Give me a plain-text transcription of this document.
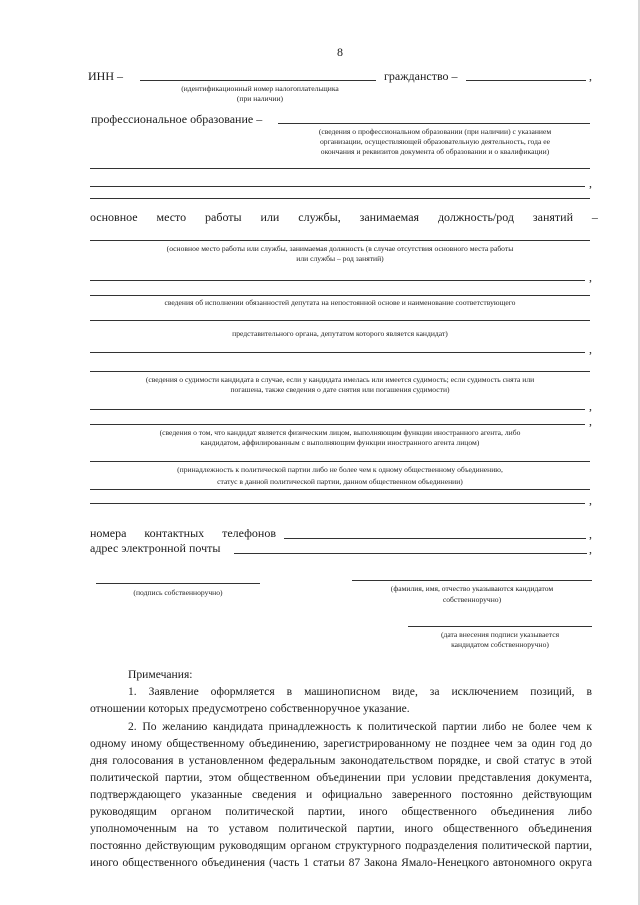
8
ИНН –	гражданство –	,
(идентификационный номер налогоплательщика
(при наличии)
профессиональное образование –
(сведения о профессиональном образовании (при наличии) с указанием
организации, осуществляющей образовательную деятельность, года ее
окончания и реквизитов документа об образовании и о квалификации)
,
основное место работы или службы, занимаемая должность/род занятий –
(основное место работы или службы, занимаемая должность (в случае отсутствия основного места работы
или службы – род занятий)
,
сведения об исполнении обязанностей депутата на непостоянной основе и наименование соответствующего
представительного органа, депутатом которого является кандидат)
,
(сведения о судимости кандидата в случае, если у кандидата имелась или имеется судимость; если судимость снята или
погашена, также сведения о дате снятия или погашения судимости)
,
,
(сведения о том, что кандидат является физическим лицом, выполняющим функции иностранного агента, либо
кандидатом, аффилированным с выполняющим функции иностранного агента лицом)
(принадлежность к политической партии либо не более чем к одному общественному объединению,
статус в данной политической партии, данном общественном объединении)
,
номера контактных телефонов	,
адрес электронной почты	,
(подпись собственноручно)	(фамилия, имя, отчество указываются кандидатом
собственноручно)
(дата внесения подписи указывается
кандидатом собственноручно)
Примечания:
1. Заявление оформляется в машинописном виде, за исключением позиций, в
отношении которых предусмотрено собственноручное указание.
2. По желанию кандидата принадлежность к политической партии либо не более чем к
одному иному общественному объединению, зарегистрированному не позднее чем за один год до
дня голосования в установленном федеральным законодательством порядке, и свой статус в этой
политической партии, этом общественном объединении при условии представления документа,
подтверждающего указанные сведения и официально заверенного постоянно действующим
руководящим органом политической партии, иного общественного объединения либо
уполномоченным на то уставом политической партии, иного общественного объединения
постоянно действующим руководящим органом структурного подразделения политической партии,
иного общественного объединения (часть 1 статьи 87 Закона Ямало-Ненецкого автономного округа
